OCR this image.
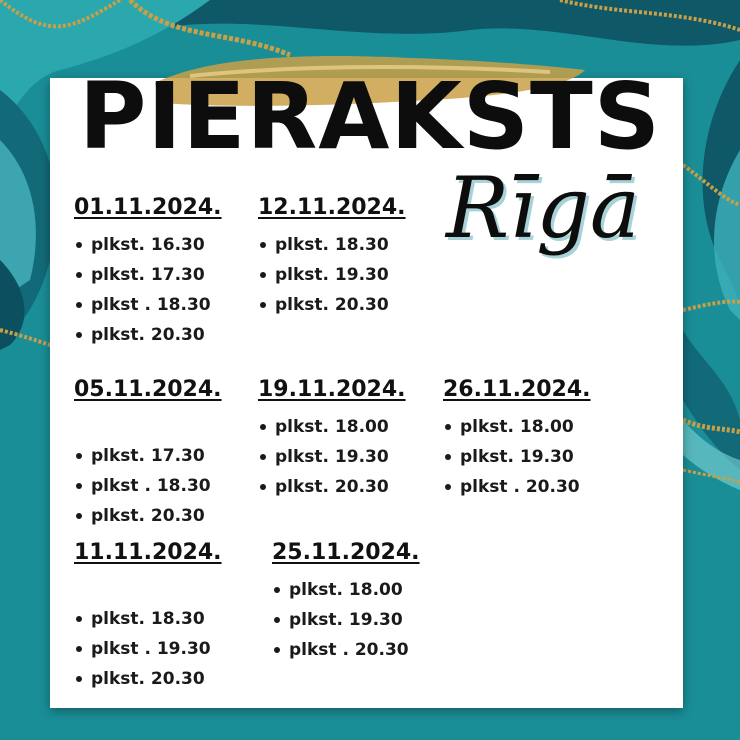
PIERAKSTS
Rīgā
01.11.2024.
plkst. 16.30
plkst. 17.30
plkst . 18.30
plkst. 20.30
12.11.2024.
plkst. 18.30
plkst. 19.30
plkst. 20.30
05.11.2024.
plkst. 17.30
plkst . 18.30
plkst. 20.30
19.11.2024.
plkst. 18.00
plkst. 19.30
plkst. 20.30
26.11.2024.
plkst. 18.00
plkst. 19.30
plkst . 20.30
11.11.2024.
plkst. 18.30
plkst . 19.30
plkst. 20.30
25.11.2024.
plkst. 18.00
plkst. 19.30
plkst . 20.30
